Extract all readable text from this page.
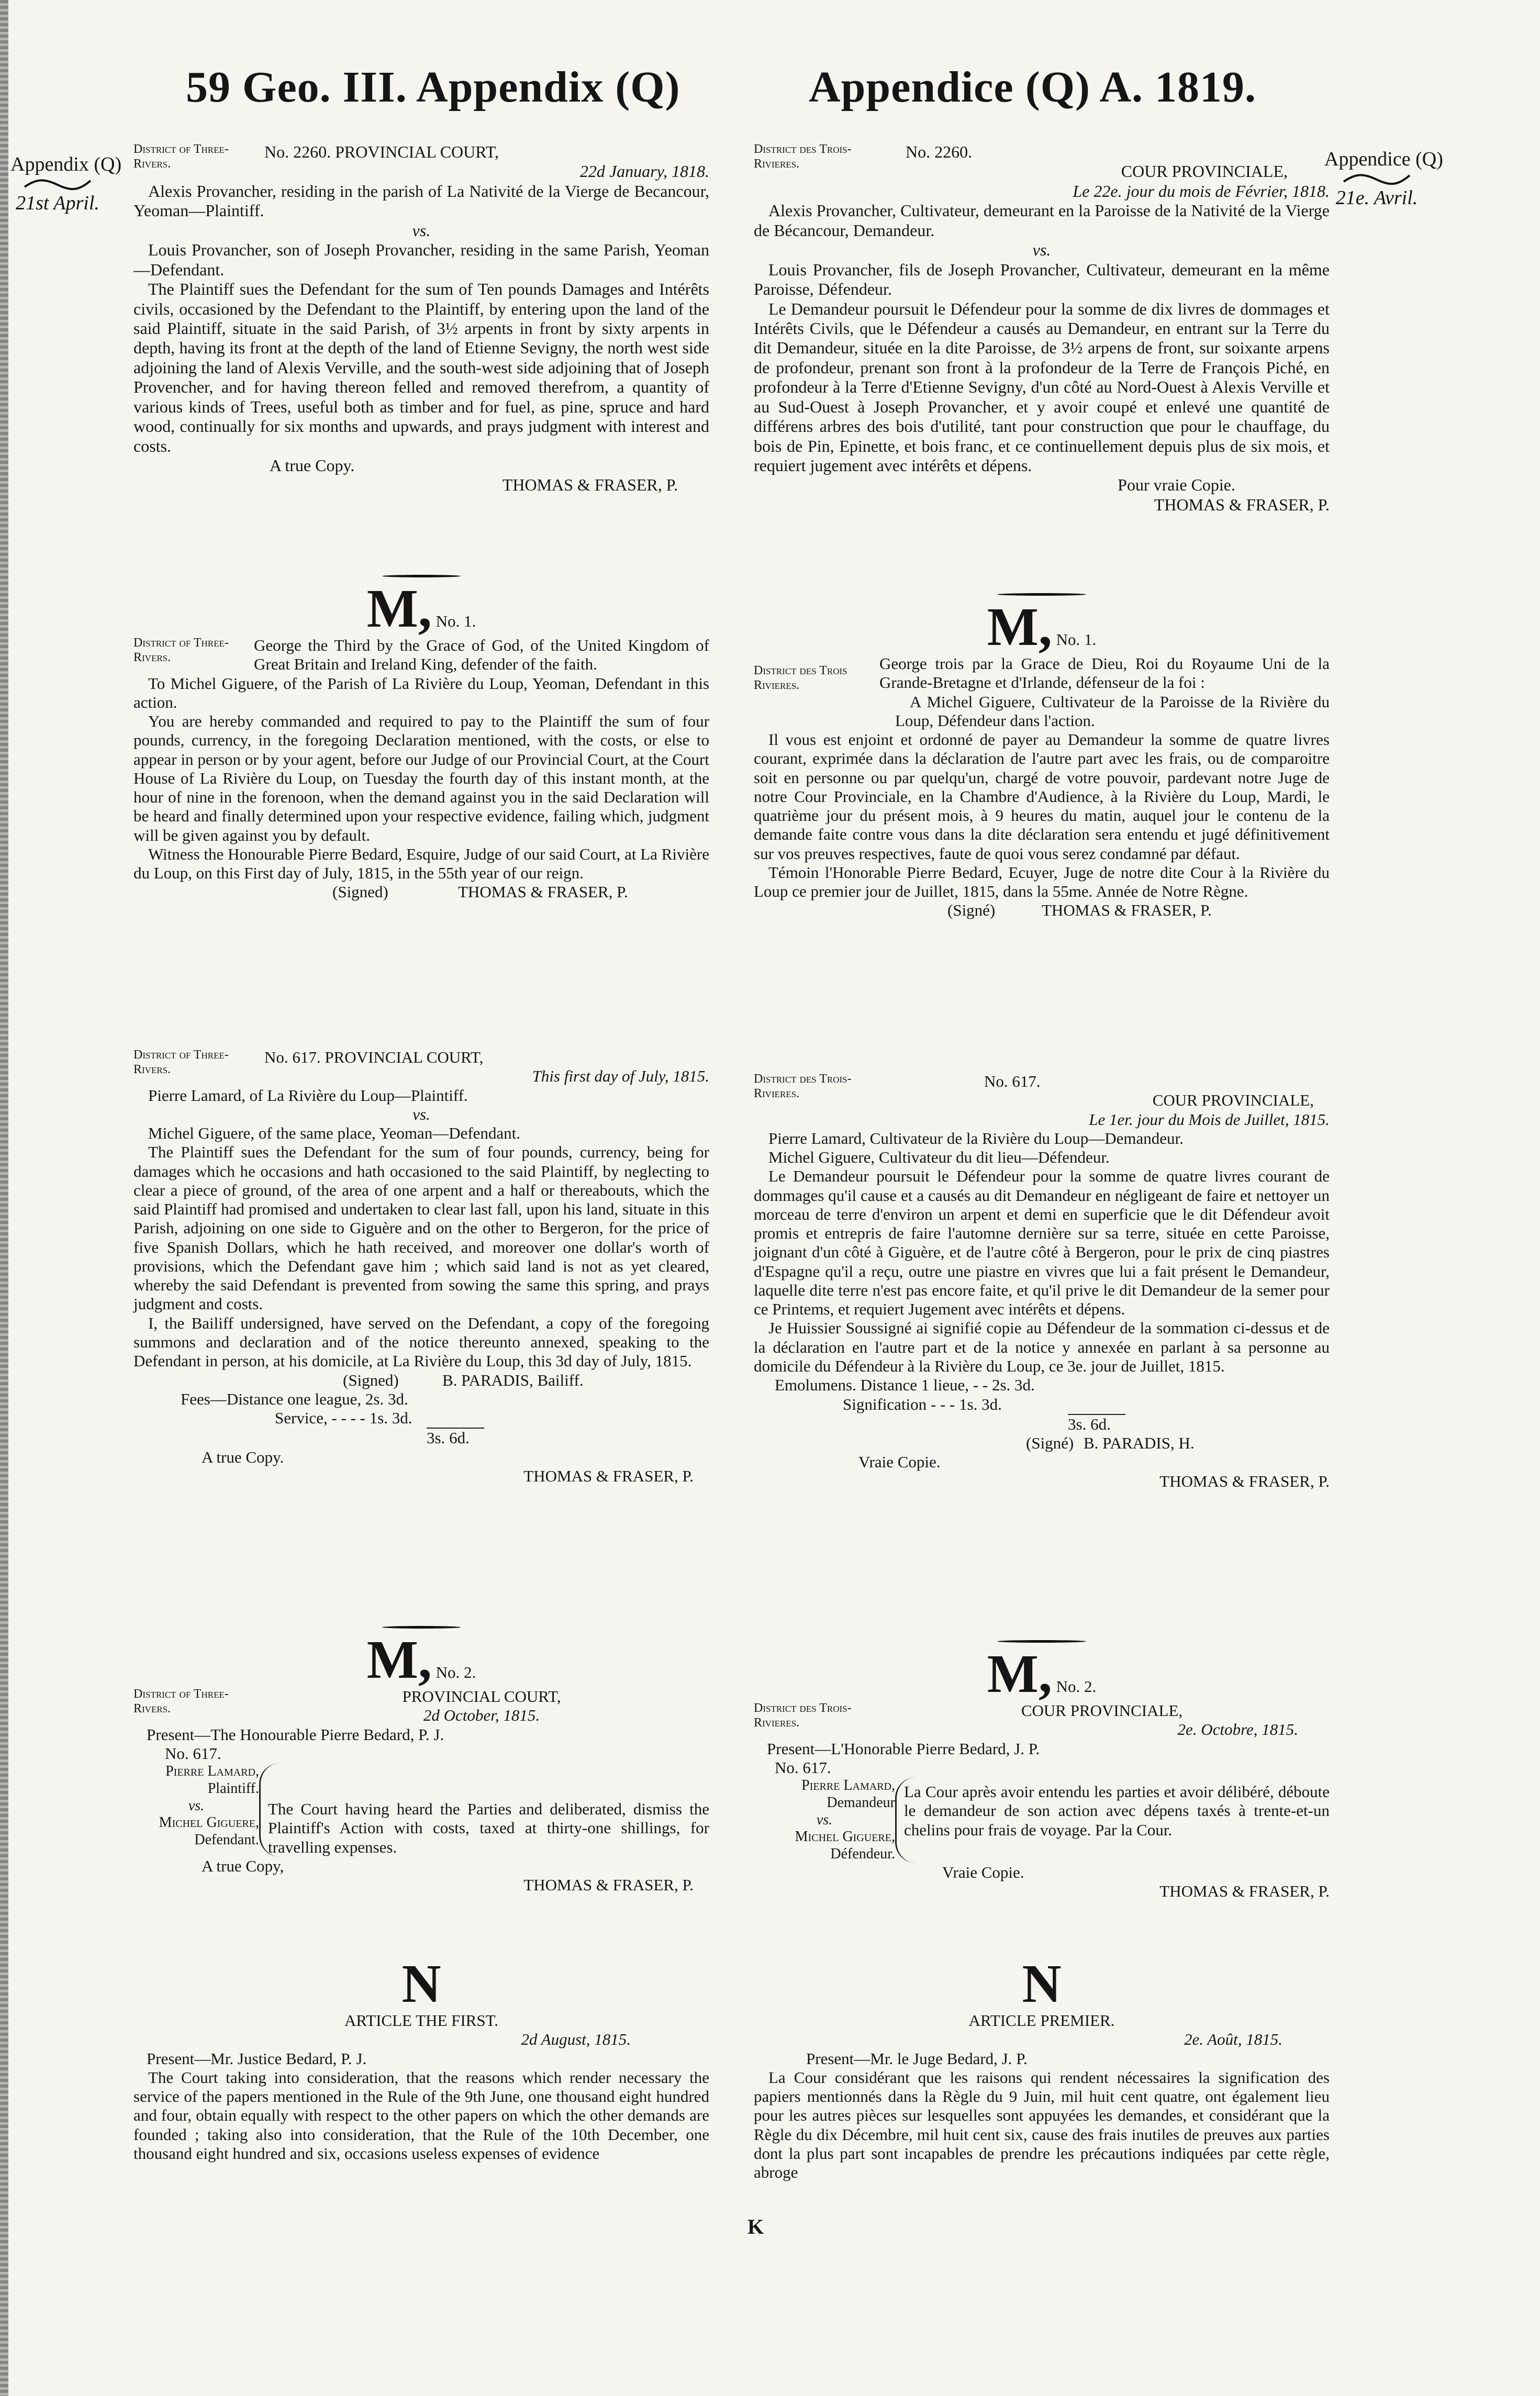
59 Geo. III. Appendix (Q)	Appendice (Q) A. 1819.
Appendix (Q)
21st April.
Appendice (Q)
21e. Avril.
District of Three-Rivers.
No. 2260. PROVINCIAL COURT,
22d January, 1818.

Alexis Provancher, residing in the parish of La Nativité de la Vierge de Becancour, Yeoman—Plaintiff.

vs.

Louis Provancher, son of Joseph Provancher, residing in the same Parish, Yeoman—Defendant.

The Plaintiff sues the Defendant for the sum of Ten pounds Damages and Intérêts civils, occasioned by the Defendant to the Plaintiff, by entering upon the land of the said Plaintiff, situate in the said Parish, of 3½ arpents in front by sixty arpents in depth, having its front at the depth of the land of Etienne Sevigny, the north west side adjoining the land of Alexis Verville, and the south-west side adjoining that of Joseph Provencher, and for having thereon felled and removed therefrom, a quantity of various kinds of Trees, useful both as timber and for fuel, as pine, spruce and hard wood, continually for six months and upwards, and prays judgment with interest and costs.

A true Copy.
THOMAS & FRASER, P.
M, No. 1.
District of Three-Rivers.

George the Third by the Grace of God, of the United Kingdom of Great Britain and Ireland King, defender of the faith.

To Michel Giguere, of the Parish of La Rivière du Loup, Yeoman, Defendant in this action.

You are hereby commanded and required to pay to the Plaintiff the sum of four pounds, currency, in the foregoing Declaration mentioned, with the costs, or else to appear in person or by your agent, before our Judge of our Provincial Court, at the Court House of La Rivière du Loup, on Tuesday the fourth day of this instant month, at the hour of nine in the forenoon, when the demand against you in the said Declaration will be heard and finally determined upon your respective evidence, failing which, judgment will be given against you by default.

Witness the Honourable Pierre Bedard, Esquire, Judge of our said Court, at La Rivière du Loup, on this First day of July, 1815, in the 55th year of our reign.

(Signed)	THOMAS & FRASER, P.
District of Three-Rivers.
No. 617. PROVINCIAL COURT,
This first day of July, 1815.

Pierre Lamard, of La Rivière du Loup—Plaintiff.

vs.

Michel Giguere, of the same place, Yeoman—Defendant.

The Plaintiff sues the Defendant for the sum of four pounds, currency, being for damages which he occasions and hath occasioned to the said Plaintiff, by neglecting to clear a piece of ground, of the area of one arpent and a half or thereabouts, which the said Plaintiff had promised and undertaken to clear last fall, upon his land, situate in this Parish, adjoining on one side to Giguère and on the other to Bergeron, for the price of five Spanish Dollars, which he hath received, and moreover one dollar's worth of provisions, which the Defendant gave him ; which said land is not as yet cleared, whereby the said Defendant is prevented from sowing the same this spring, and prays judgment and costs.

I, the Bailiff undersigned, have served on the Defendant, a copy of the foregoing summons and declaration and of the notice thereunto annexed, speaking to the Defendant in person, at his domicile, at La Rivière du Loup, this 3d day of July, 1815.

(Signed)	B. PARADIS, Bailiff.
Fees—Distance one league, 2s. 3d.
Service, - - - - 1s. 3d.
3s. 6d.
A true Copy.
THOMAS & FRASER, P.
M, No. 2.
District of Three-Rivers.
PROVINCIAL COURT,
2d October, 1815.
Present—The Honourable Pierre Bedard, P. J.
No. 617.
Pierre Lamard,
Plaintiff.
vs.
Michel Giguere,
Defendant.
The Court having heard the Parties and deliberated, dismiss the Plaintiff's Action with costs, taxed at thirty-one shillings, for travelling expenses.
A true Copy,
THOMAS & FRASER, P.
N
ARTICLE THE FIRST.
2d August, 1815.
Present—Mr. Justice Bedard, P. J.

The Court taking into consideration, that the reasons which render necessary the service of the papers mentioned in the Rule of the 9th June, one thousand eight hundred and four, obtain equally with respect to the other papers on which the other demands are founded ; taking also into consideration, that the Rule of the 10th December, one thousand eight hundred and six, occasions useless expenses of evidence

District des Trois-Rivieres.
No. 2260.
COUR PROVINCIALE,
Le 22e. jour du mois de Février, 1818.

Alexis Provancher, Cultivateur, demeurant en la Paroisse de la Nativité de la Vierge de Bécancour, Demandeur.

vs.

Louis Provancher, fils de Joseph Provancher, Cultivateur, demeurant en la même Paroisse, Défendeur.

Le Demandeur poursuit le Défendeur pour la somme de dix livres de dommages et Intérêts Civils, que le Défendeur a causés au Demandeur, en entrant sur la Terre du dit Demandeur, située en la dite Paroisse, de 3½ arpens de front, sur soixante arpens de profondeur, prenant son front à la profondeur de la Terre de François Piché, en profondeur à la Terre d'Etienne Sevigny, d'un côté au Nord-Ouest à Alexis Verville et au Sud-Ouest à Joseph Provancher, et y avoir coupé et enlevé une quantité de différens arbres des bois d'utilité, tant pour construction que pour le chauffage, du bois de Pin, Epinette, et bois franc, et ce continuellement depuis plus de six mois, et requiert jugement avec intérêts et dépens.

Pour vraie Copie.
THOMAS & FRASER, P.
M, No. 1.
District des Trois Rivieres.

George trois par la Grace de Dieu, Roi du Royaume Uni de la Grande-Bretagne et d'Irlande, défenseur de la foi :

A Michel Giguere, Cultivateur de la Paroisse de la Rivière du Loup, Défendeur dans l'action.

Il vous est enjoint et ordonné de payer au Demandeur la somme de quatre livres courant, exprimée dans la déclaration de l'autre part avec les frais, ou de comparoitre soit en personne ou par quelqu'un, chargé de votre pouvoir, pardevant notre Juge de notre Cour Provinciale, en la Chambre d'Audience, à la Rivière du Loup, Mardi, le quatrième jour du présent mois, à 9 heures du matin, auquel jour le contenu de la demande faite contre vous dans la dite déclaration sera entendu et jugé définitivement sur vos preuves respectives, faute de quoi vous serez condamné par défaut.

Témoin l'Honorable Pierre Bedard, Ecuyer, Juge de notre dite Cour à la Rivière du Loup ce premier jour de Juillet, 1815, dans la 55me. Année de Notre Règne.

(Signé)	THOMAS & FRASER, P.
District des Trois-Rivieres.
No. 617.
COUR PROVINCIALE,
Le 1er. jour du Mois de Juillet, 1815.

Pierre Lamard, Cultivateur de la Rivière du Loup—Demandeur.

Michel Giguere, Cultivateur du dit lieu—Défendeur.

Le Demandeur poursuit le Défendeur pour la somme de quatre livres courant de dommages qu'il cause et a causés au dit Demandeur en négligeant de faire et nettoyer un morceau de terre d'environ un arpent et demi en superficie que le dit Défendeur avoit promis et entrepris de faire l'automne dernière sur sa terre, située en cette Paroisse, joignant d'un côté à Giguère, et de l'autre côté à Bergeron, pour le prix de cinq piastres d'Espagne qu'il a reçu, outre une piastre en vivres que lui a fait présent le Demandeur, laquelle dite terre n'est pas encore faite, et qu'il prive le dit Demandeur de la semer pour ce Printems, et requiert Jugement avec intérêts et dépens.

Je Huissier Soussigné ai signifié copie au Défendeur de la sommation ci-dessus et de la déclaration en l'autre part et de la notice y annexée en parlant à sa personne au domicile du Défendeur à la Rivière du Loup, ce 3e. jour de Juillet, 1815.

Emolumens. Distance 1 lieue, - - 2s. 3d.
Signification - - - 1s. 3d.
3s. 6d.
(Signé) B. PARADIS, H.
Vraie Copie.
THOMAS & FRASER, P.
M, No. 2.
District des Trois-Rivieres.
COUR PROVINCIALE,
2e. Octobre, 1815.
Present—L'Honorable Pierre Bedard, J. P.
No. 617.
Pierre Lamard,
Demandeur
vs.
Michel Giguere,
Défendeur.
La Cour après avoir entendu les parties et avoir délibéré, déboute le demandeur de son action avec dépens taxés à trente-et-un chelins pour frais de voyage. Par la Cour.
Vraie Copie.
THOMAS & FRASER, P.
N
ARTICLE PREMIER.
2e. Août, 1815.
Present—Mr. le Juge Bedard, J. P.

La Cour considérant que les raisons qui rendent nécessaires la signification des papiers mentionnés dans la Règle du 9 Juin, mil huit cent quatre, ont également lieu pour les autres pièces sur lesquelles sont appuyées les demandes, et considérant que la Règle du dix Décembre, mil huit cent six, cause des frais inutiles de preuves aux parties dont la plus part sont incapables de prendre les précautions indiquées par cette règle, abroge

K
